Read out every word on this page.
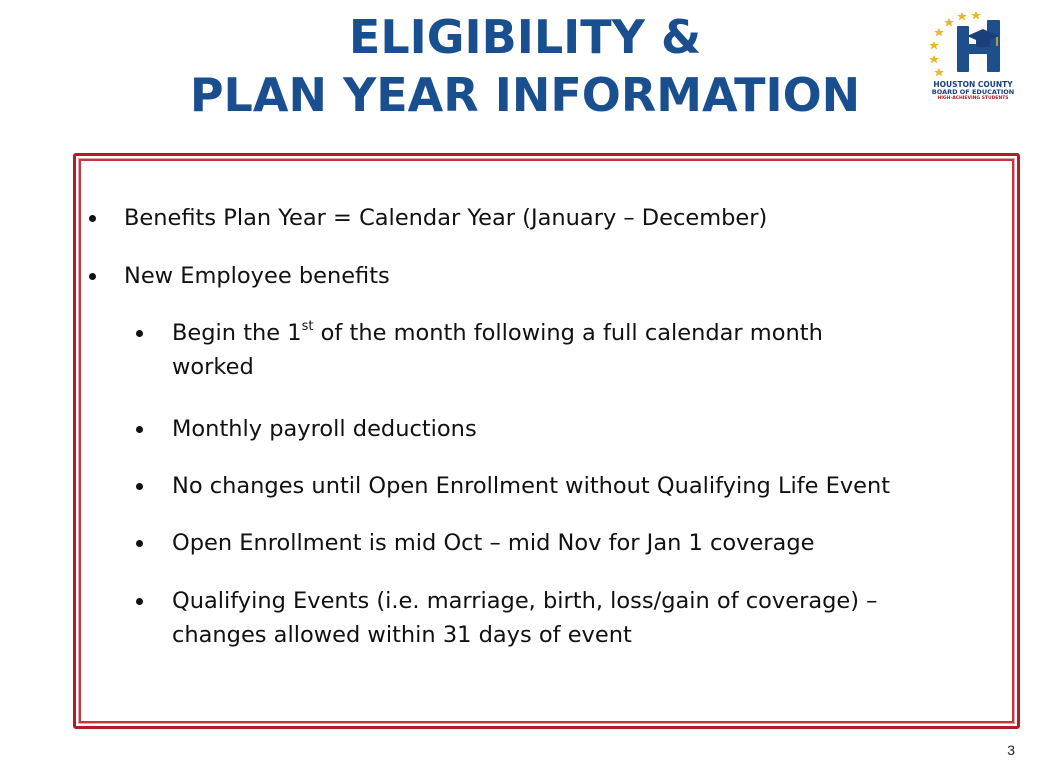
ELIGIBILITY &
PLAN YEAR INFORMATION	HOUSTON COUNTY
BOARD OF EDUCATION
HIGH-ACHIEVING STUDENTS
Benefits Plan Year = Calendar Year (January – December)
New Employee benefits
Begin the 1st of the month following a full calendar month
worked
Monthly payroll deductions
No changes until Open Enrollment without Qualifying Life Event
Open Enrollment is mid Oct – mid Nov for Jan 1 coverage
Qualifying Events (i.e. marriage, birth, loss/gain of coverage) –
changes allowed within 31 days of event
3
